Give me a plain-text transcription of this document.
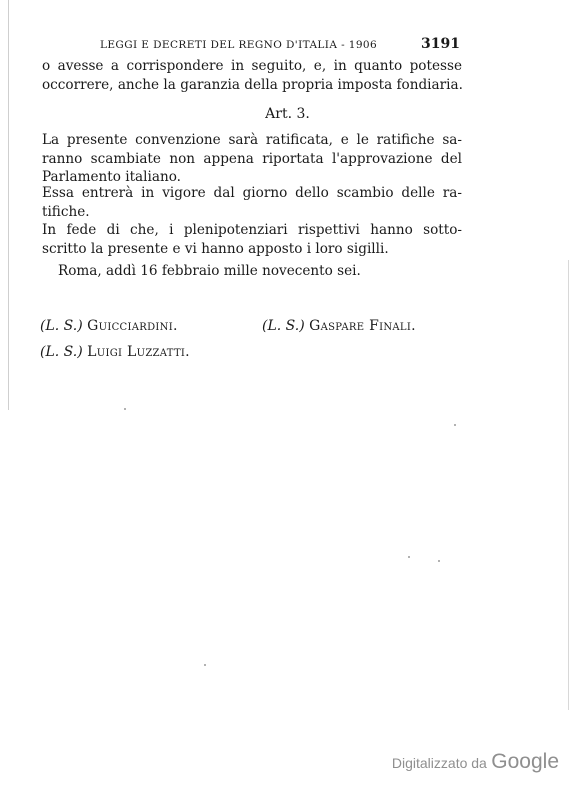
LEGGI E DECRETI DEL REGNO D'ITALIA - 1906	3191
o avesse a corrispondere in seguito, e, in quanto potesse
occorrere, anche la garanzia della propria imposta fondiaria.
Art. 3.
La presente convenzione sarà ratificata, e le ratifiche sa-
ranno scambiate non appena riportata l'approvazione del
Parlamento italiano.
Essa entrerà in vigore dal giorno dello scambio delle ra-
tifiche.
In fede di che, i plenipotenziari rispettivi hanno sotto-
scritto la presente e vi hanno apposto i loro sigilli.
Roma, addì 16 febbraio mille novecento sei.
(L. S.) Guicciardini.	(L. S.) Gaspare Finali.
(L. S.) Luigi Luzzatti.
Digitalizzato da Google
